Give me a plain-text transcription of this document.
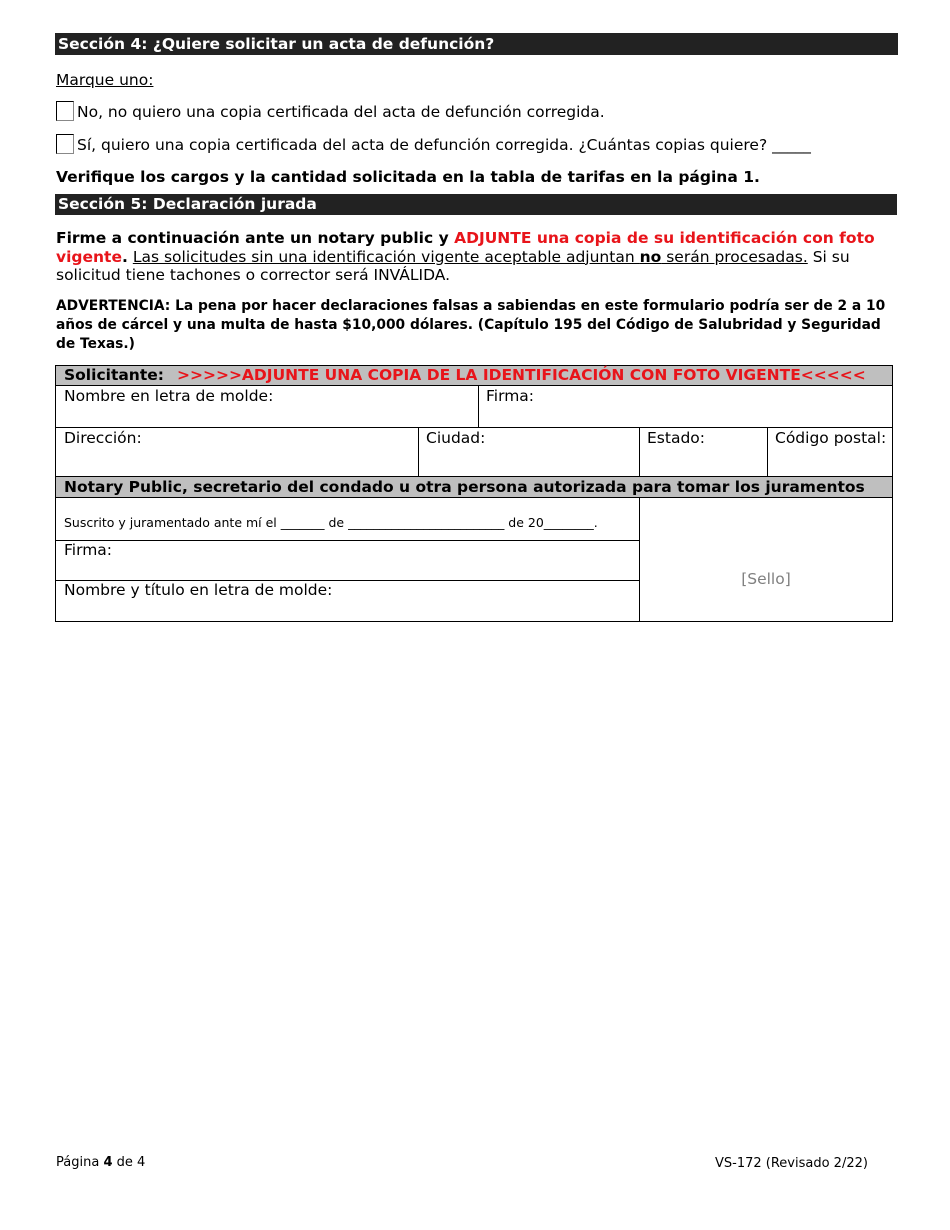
Sección 4: ¿Quiere solicitar un acta de defunción?
Marque uno:
No, no quiero una copia certificada del acta de defunción corregida.
Sí, quiero una copia certificada del acta de defunción corregida. ¿Cuántas copias quiere? _____
Verifique los cargos y la cantidad solicitada en la tabla de tarifas en la página 1.
Sección 5: Declaración jurada
Firme a continuación ante un notary public y ADJUNTE una copia de su identificación con foto vigente. Las solicitudes sin una identificación vigente aceptable adjuntan no serán procesadas. Si su solicitud tiene tachones o corrector será INVÁLIDA.
ADVERTENCIA: La pena por hacer declaraciones falsas a sabiendas en este formulario podría ser de 2 a 10 años de cárcel y una multa de hasta $10,000 dólares. (Capítulo 195 del Código de Salubridad y Seguridad de Texas.)
Solicitante: >>>>>ADJUNTE UNA COPIA DE LA IDENTIFICACIÓN CON FOTO VIGENTE<<<<<
Nombre en letra de molde:	Firma:
Dirección:	Ciudad:	Estado:	Código postal:
Notary Public, secretario del condado u otra persona autorizada para tomar los juramentos
Suscrito y juramentado ante mí el _______ de _________________________ de 20________.
Firma:
Nombre y título en letra de molde:
[Sello]
Página 4 de 4	VS-172 (Revisado 2/22)
